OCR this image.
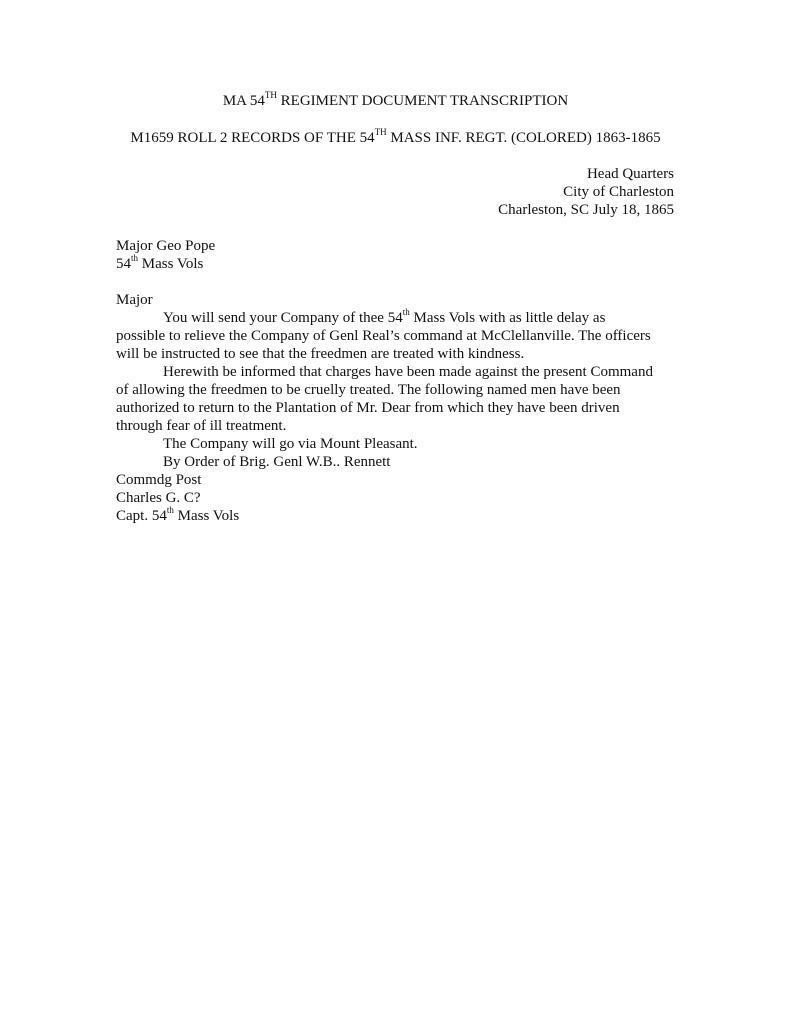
MA 54TH REGIMENT DOCUMENT TRANSCRIPTION
M1659 ROLL 2 RECORDS OF THE 54TH MASS INF. REGT. (COLORED) 1863-1865
Head Quarters
City of Charleston
Charleston, SC July 18, 1865
Major Geo Pope
54th Mass Vols
Major
You will send your Company of thee 54th Mass Vols with as little delay as
possible to relieve the Company of Genl Real’s command at McClellanville. The officers
will be instructed to see that the freedmen are treated with kindness.
Herewith be informed that charges have been made against the present Command
of allowing the freedmen to be cruelly treated. The following named men have been
authorized to return to the Plantation of Mr. Dear from which they have been driven
through fear of ill treatment.
The Company will go via Mount Pleasant.
By Order of Brig. Genl W.B.. Rennett
Commdg Post
Charles G. C?
Capt. 54th Mass Vols
